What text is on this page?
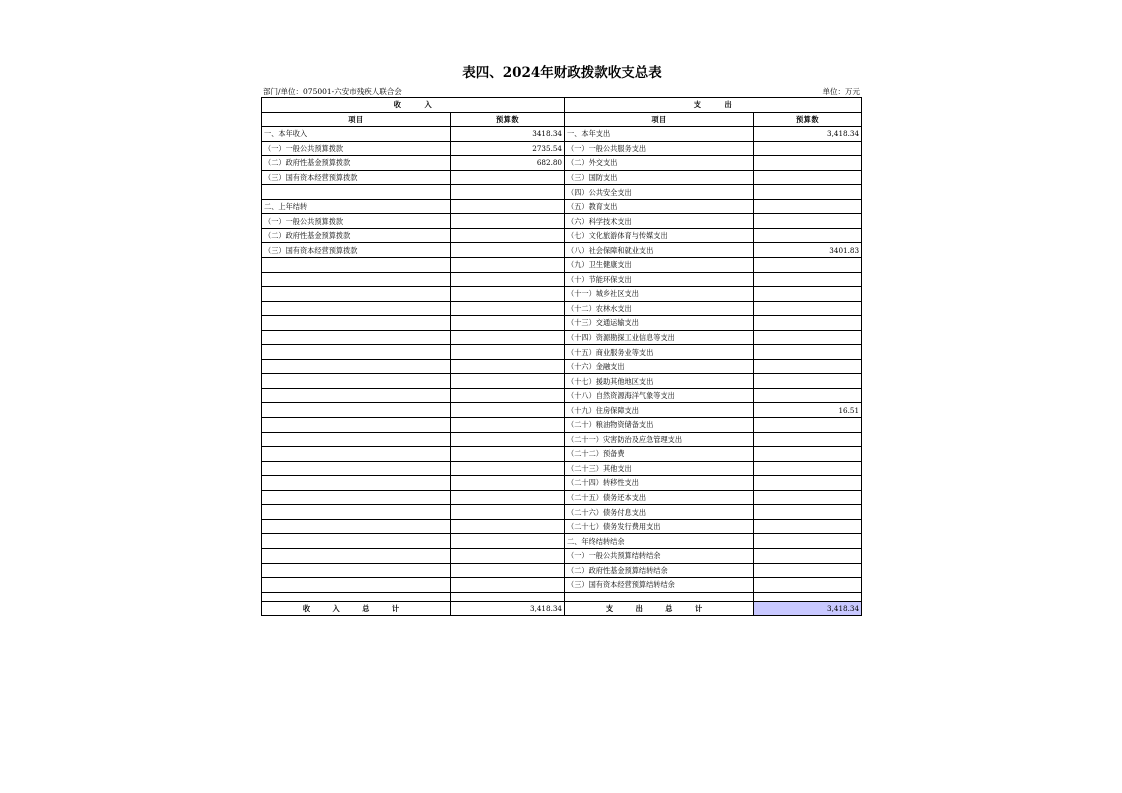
表四、2024年财政拨款收支总表
部门/单位：075001-六安市残疾人联合会	单位：万元
收　　　入		支　　　出	
项目	预算数	项目	预算数
一、本年收入	3418.34	一、本年支出	3,418.34
（一）一般公共预算拨款	2735.54	（一）一般公共服务支出	
（二）政府性基金预算拨款	682.80	（二）外交支出	
（三）国有资本经营预算拨款		（三）国防支出	
		（四）公共安全支出	
二、上年结转		（五）教育支出	
（一）一般公共预算拨款		（六）科学技术支出	
（二）政府性基金预算拨款		（七）文化旅游体育与传媒支出	
（三）国有资本经营预算拨款		（八）社会保障和就业支出	3401.83
		（九）卫生健康支出	
		（十）节能环保支出	
		（十一）城乡社区支出	
		（十二）农林水支出	
		（十三）交通运输支出	
		（十四）资源勘探工业信息等支出	
		（十五）商业服务业等支出	
		（十六）金融支出	
		（十七）援助其他地区支出	
		（十八）自然资源海洋气象等支出	
		（十九）住房保障支出	16.51
		（二十）粮油物资储备支出	
		（二十一）灾害防治及应急管理支出	
		（二十二）预备费	
		（二十三）其他支出	
		（二十四）转移性支出	
		（二十五）债务还本支出	
		（二十六）债务付息支出	
		（二十七）债务发行费用支出	
		二、年终结转结余	
		（一）一般公共预算结转结余	
		（二）政府性基金预算结转结余	
		（三）国有资本经营预算结转结余	

收 入 总 计	3,418.34	支 出 总 计	3,418.34
